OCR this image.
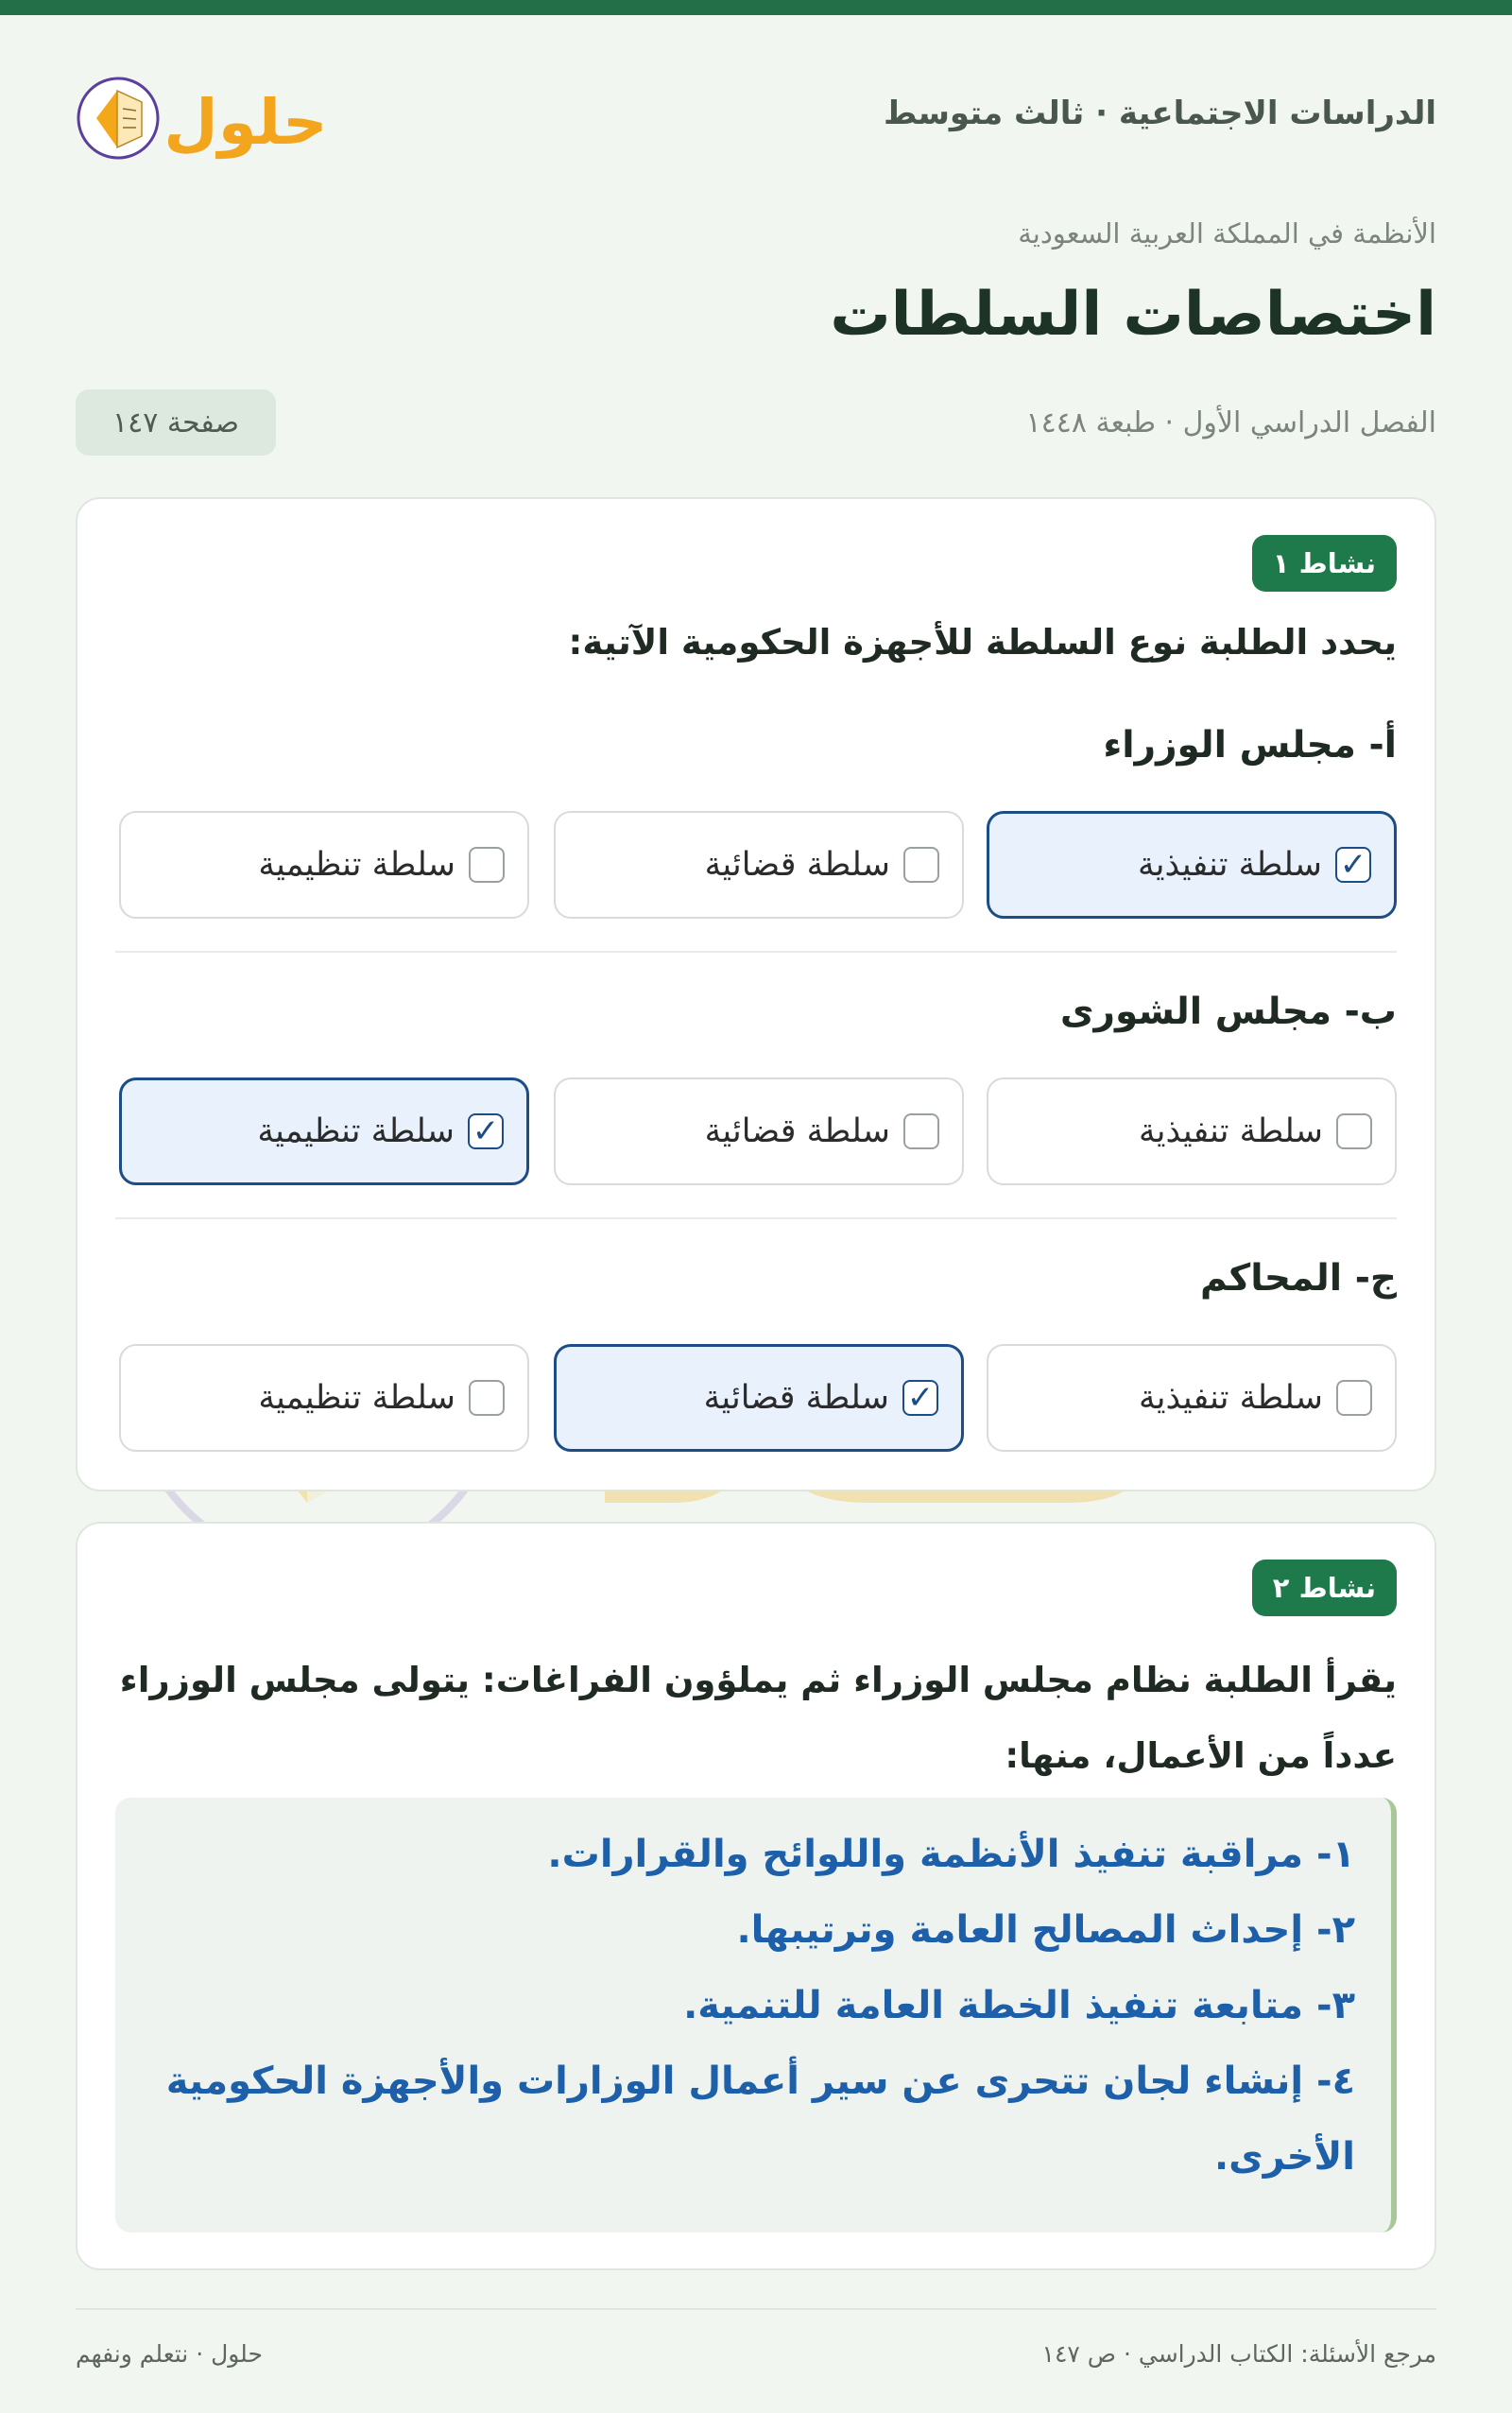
الدراسات الاجتماعية · ثالث متوسط
حلول
الأنظمة في المملكة العربية السعودية
اختصاصات السلطات
الفصل الدراسي الأول · طبعة ١٤٤٨
صفحة ١٤٧
نشاط ١
يحدد الطلبة نوع السلطة للأجهزة الحكومية الآتية:
أ- مجلس الوزراء
✓
سلطة تنفيذية
سلطة قضائية
سلطة تنظيمية
ب- مجلس الشورى
سلطة تنفيذية
سلطة قضائية
✓
سلطة تنظيمية
ج- المحاكم
سلطة تنفيذية
✓
سلطة قضائية
سلطة تنظيمية
نشاط ٢
يقرأ الطلبة نظام مجلس الوزراء ثم يملؤون الفراغات: يتولى مجلس الوزراء عدداً من الأعمال، منها:
١- مراقبة تنفيذ الأنظمة واللوائح والقرارات.
٢- إحداث المصالح العامة وترتيبها.
٣- متابعة تنفيذ الخطة العامة للتنمية.
٤- إنشاء لجان تتحرى عن سير أعمال الوزارات والأجهزة الحكومية الأخرى.
مرجع الأسئلة: الكتاب الدراسي · ص ١٤٧
حلول · نتعلم ونفهم
